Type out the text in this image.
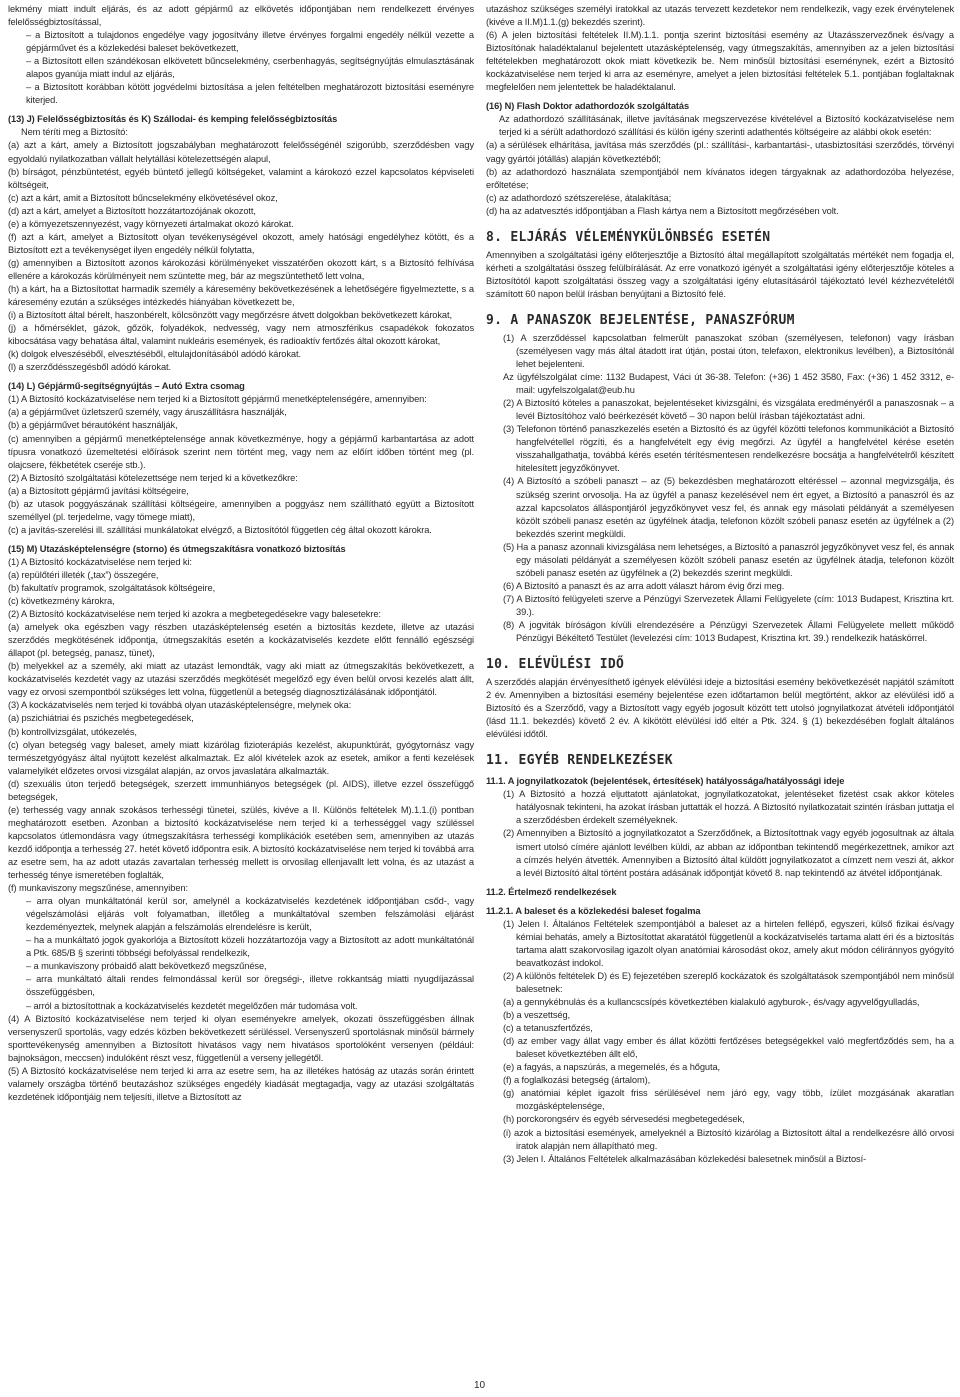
lekmény miatt indult eljárás, és az adott gépjármű az elkövetés időpontjában nem rendelkezett érvényes felelősségbiztosítással,
– a Biztosított a tulajdonos engedélye vagy jogosítvány illetve érvényes forgalmi engedély nélkül vezette a gépjárművet és a közlekedési baleset bekövetkezett,
– a Biztosított ellen szándékosan elkövetett bűncselekmény, cserbenhagyás, segítségnyújtás elmulasztásának alapos gyanúja miatt indul az eljárás,
– a Biztosított korábban kötött jogvédelmi biztosítása a jelen feltételben meghatározott biztosítási eseményre kiterjed.
(13) J) Felelősségbiztosítás és K) Szállodai- és kemping felelősségbiztosítás
Nem téríti meg a Biztosító:
(a) azt a kárt, amely a Biztosított jogszabályban meghatározott felelősségénél szigorúbb, szerződésben vagy egyoldalú nyilatkozatban vállalt helytállási kötelezettségén alapul,
(b) bírságot, pénzbüntetést, egyéb büntető jellegű költségeket, valamint a károkozó ezzel kapcsolatos képviseleti költségeit,
(c) azt a kárt, amit a Biztosított bűncselekmény elkövetésével okoz,
(d) azt a kárt, amelyet a Biztosított hozzátartozójának okozott,
(e) a környezetszennyezést, vagy környezeti ártalmakat okozó károkat.
(f) azt a kárt, amelyet a Biztosított olyan tevékenységével okozott, amely hatósági engedélyhez kötött, és a Biztosított ezt a tevékenységet ilyen engedély nélkül folytatta,
(g) amennyiben a Biztosított azonos károkozási körülményeket visszatérően okozott kárt, s a Biztosító felhívása ellenére a károkozás körülményeit nem szüntette meg, bár az megszüntethető lett volna,
(h) a kárt, ha a Biztosítottat harmadik személy a káresemény bekövetkezésének a lehetőségére figyelmeztette, s a káresemény ezután a szükséges intézkedés hiányában következett be,
(i) a Biztosított által bérelt, haszonbérelt, kölcsönzött vagy megőrzésre átvett dolgokban bekövetkezett károkat,
(j) a hőmérséklet, gázok, gőzök, folyadékok, nedvesség, vagy nem atmoszférikus csapadékok fokozatos kibocsátása vagy behatása által, valamint nukleáris események, és radioaktív fertőzés által okozott károkat,
(k) dolgok elveszéséből, elvesztéséből, eltulajdonításából adódó károkat.
(l) a szerződésszegésből adódó károkat.
(14) L) Gépjármű-segítségnyújtás – Autó Extra csomag
(1) A Biztosító kockázatviselése nem terjed ki a Biztosított gépjármű menetképtelenségére, amennyiben:
(a) a gépjárművet üzletszerű személy, vagy áruszállításra használják,
(b) a gépjárművet bérautóként használják,
(c) amennyiben a gépjármű menetképtelensége annak következménye, hogy a gépjármű karbantartása az adott típusra vonatkozó üzemeltetési előírások szerint nem történt meg, vagy nem az előírt időben történt meg (pl. olajcsere, fékbetétek cseréje stb.).
(2) A Biztosító szolgáltatási kötelezettsége nem terjed ki a következőkre:
(a) a Biztosított gépjármű javítási költségeire,
(b) az utasok poggyászának szállítási költségeire, amennyiben a poggyász nem szállítható együtt a Biztosított személlyel (pl. terjedelme, vagy tömege miatt),
(c) a javítás-szerelési ill. szállítási munkálatokat elvégző, a Biztosítótól független cég által okozott károkra.
(15) M) Utazásképtelenségre (storno) és útmegszakításra vonatkozó biztosítás
(1) A Biztosító kockázatviselése nem terjed ki:
(a) repülőtéri illeték („tax”) összegére,
(b) fakultatív programok, szolgáltatások költségeire,
(c) következmény károkra,
(2) A Biztosító kockázatviselése nem terjed ki azokra a megbetegedésekre vagy balesetekre:
(a) amelyek oka egészben vagy részben utazásképtelenség esetén a biztosítás kezdete, illetve az utazási szerződés megkötésének időpontja, útmegszakítás esetén a kockázatviselés kezdete előtt fennálló egészségi állapot (pl. betegség, panasz, tünet),
(b) melyekkel az a személy, aki miatt az utazást lemondták, vagy aki miatt az útmegszakítás bekövetkezett, a kockázatviselés kezdetét vagy az utazási szerződés megkötését megelőző egy éven belül orvosi kezelés alatt állt, vagy ez orvosi szempontból szükséges lett volna, függetlenül a betegség diagnosztizálásának időpontjától.
(3) A kockázatviselés nem terjed ki továbbá olyan utazásképtelenségre, melynek oka:
(a) pszichiátriai és pszichés megbetegedések,
(b) kontrollvizsgálat, utókezelés,
(c) olyan betegség vagy baleset, amely miatt kizárólag fizioterápiás kezelést, akupunktúrát, gyógytornász vagy természetgyógyász által nyújtott kezelést alkalmaztak. Ez alól kivételek azok az esetek, amikor a fenti kezelések valamelyikét előzetes orvosi vizsgálat alapján, az orvos javaslatára alkalmazták.
(d) szexuális úton terjedő betegségek, szerzett immunhiányos betegségek (pl. AIDS), illetve ezzel összefüggő betegségek,
(e) terhesség vagy annak szokásos terhességi tünetei, szülés, kivéve a II. Különös feltételek M).1.1.(i) pontban meghatározott esetben. Azonban a biztosító kockázatviselése nem terjed ki a terhességgel vagy szüléssel kapcsolatos útlemondásra vagy útmegszakításra terhességi komplikációk esetében sem, amennyiben az utazás kezdő időpontja a terhesség 27. hetét követő időpontra esik. A biztosító kockázatviselése nem terjed ki továbbá arra az esetre sem, ha az adott utazás zavartalan terhesség mellett is orvosilag ellenjavallt lett volna, és az utazást a terhesség ténye ismeretében foglalták,
(f) munkaviszony megszűnése, amennyiben:
– arra olyan munkáltatónál kerül sor, amelynél a kockázatviselés kezdetének időpontjában csőd-, vagy végelszámolási eljárás volt folyamatban, illetőleg a munkáltatóval szemben felszámolási eljárást kezdeményeztek, melynek alapján a felszámolás elrendelésre is került,
– ha a munkáltató jogok gyakorlója a Biztosított közeli hozzátartozója vagy a Biztosított az adott munkáltatónál a Ptk. 685/B § szerinti többségi befolyással rendelkezik,
– a munkaviszony próbaidő alatt bekövetkező megszűnése,
– arra munkáltató általi rendes felmondással kerül sor öregségi-, illetve rokkantság miatti nyugdíjazással összefüggésben,
– arról a biztosítottnak a kockázatviselés kezdetét megelőzően már tudomása volt.
(4) A Biztosító kockázatviselése nem terjed ki olyan eseményekre amelyek, okozati összefüggésben állnak versenyszerű sportolás, vagy edzés közben bekövetkezett sérüléssel. Versenyszerű sportolásnak minősül bármely sporttevékenység amennyiben a Biztosított hivatásos vagy nem hivatásos sportolóként versenyen (például: bajnokságon, meccsen) indulóként részt vesz, függetlenül a verseny jellegétől.
(5) A Biztosító kockázatviselése nem terjed ki arra az esetre sem, ha az illetékes hatóság az utazás során érintett valamely országba történő beutazáshoz szükséges engedély kiadását megtagadja, vagy az utazási szolgáltatás kezdetének időpontjáig nem teljesíti, illetve a Biztosított az
utazáshoz szükséges személyi iratokkal az utazás tervezett kezdetekor nem rendelkezik, vagy ezek érvénytelenek (kivéve a II.M)1.1.(g) bekezdés szerint).
(6) A jelen biztosítási feltételek II.M).1.1. pontja szerint biztosítási esemény az Utazásszervezőnek és/vagy a Biztosítónak haladéktalanul bejelentett utazásképtelenség, vagy útmegszakítás, amennyiben az a jelen biztosítási feltételekben meghatározott okok miatt következik be. Nem minősül biztosítási eseménynek, ezért a Biztosító kockázatviselése nem terjed ki arra az eseményre, amelyet a jelen biztosítási feltételek 5.1. pontjában foglaltaknak megfelelően nem jelentettek be haladéktalanul.
(16) N) Flash Doktor adathordozók szolgáltatás
Az adathordozó szállításának, illetve javításának megszervezése kivételével a Biztosító kockázatviselése nem terjed ki a sérült adathordozó szállítási és külön igény szerinti adathentés költségeire az alábbi okok esetén:
(a) a sérülések elhárítása, javítása más szerződés (pl.: szállítási-, karbantartási-, utasbiztosítási szerződés, törvényi vagy gyártói jótállás) alapján következtéből;
(b) az adathordozó használata szempontjából nem kívánatos idegen tárgyaknak az adathordozóba helyezése, erőltetése;
(c) az adathordozó szétszerelése, átalakítása;
(d) ha az adatvesztés időpontjában a Flash kártya nem a Biztosított megőrzésében volt.
8. ELJÁRÁS VÉLEMÉNYKÜLÖNBSÉG ESETÉN
Amennyiben a szolgáltatási igény előterjesztője a Biztosító által megállapított szolgáltatás mértékét nem fogadja el, kérheti a szolgáltatási összeg felülbírálását. Az erre vonatkozó igényét a szolgáltatási igény előterjesztője köteles a Biztosítótól kapott szolgáltatási összeg vagy a szolgáltatási igény elutasításáról tájékoztató levél kézhezvételétől számított 60 napon belül írásban benyújtani a Biztosító felé.
9. A PANASZOK BEJELENTÉSE, PANASZFÓRUM
(1) A szerződéssel kapcsolatban felmerült panaszokat szóban (személyesen, telefonon) vagy írásban (személyesen vagy más által átadott irat útján, postai úton, telefaxon, elektronikus levélben), a Biztosítónál lehet bejelenteni.
Az ügyfélszolgálat címe: 1132 Budapest, Váci út 36-38. Telefon: (+36) 1 452 3580, Fax: (+36) 1 452 3312, e-mail: ugyfelszolgalat@eub.hu
(2) A Biztosító köteles a panaszokat, bejelentéseket kivizsgálni, és vizsgálata eredményéről a panaszosnak – a levél Biztosítóhoz való beérkezését követő – 30 napon belül írásban tájékoztatást adni.
(3) Telefonon történő panaszkezelés esetén a Biztosító és az ügyfél közötti telefonos kommunikációt a Biztosító hangfelvétellel rögzíti, és a hangfelvételt egy évig megőrzi. Az ügyfél a hangfelvétel kérése esetén visszahallgathatja, továbbá kérés esetén térítésmentesen rendelkezésre bocsátja a hangfelvételről készített hitelesített jegyzőkönyvet.
(4) A Biztosító a szóbeli panaszt – az (5) bekezdésben meghatározott eltéréssel – azonnal megvizsgálja, és szükség szerint orvosolja. Ha az ügyfél a panasz kezelésével nem ért egyet, a Biztosító a panaszról és az azzal kapcsolatos álláspontjáról jegyzőkönyvet vesz fel, és annak egy másolati példányát a személyesen közölt szóbeli panasz esetén az ügyfélnek átadja, telefonon közölt szóbeli panasz esetén az ügyfélnek a (2) bekezdés szerint megküldi.
(5) Ha a panasz azonnali kivizsgálása nem lehetséges, a Biztosító a panaszról jegyzőkönyvet vesz fel, és annak egy másolati példányát a személyesen közölt szóbeli panasz esetén az ügyfélnek átadja, telefonon közölt szóbeli panasz esetén az ügyfélnek a (2) bekezdés szerint megküldi.
(6) A Biztosító a panaszt és az arra adott választ három évig őrzi meg.
(7) A Biztosító felügyeleti szerve a Pénzügyi Szervezetek Állami Felügyelete (cím: 1013 Budapest, Krisztina krt. 39.).
(8) A jogviták bíróságon kívüli elrendezésére a Pénzügyi Szervezetek Állami Felügyelete mellett működő Pénzügyi Békéltető Testület (levelezési cím: 1013 Budapest, Krisztina krt. 39.) rendelkezik hatáskörrel.
10. ELÉVÜLÉSI IDŐ
A szerződés alapján érvényesíthető igények elévülési ideje a biztosítási esemény bekövetkezését napjától számított 2 év. Amennyiben a biztosítási esemény bejelentése ezen időtartamon belül megtörtént, akkor az elévülési idő a Biztosító és a Szerződő, vagy a Biztosított vagy egyéb jogosult között tett utolsó jognyilatkozat átvételi időpontjától (lásd 11.1. bekezdés) követő 2 év. A kikötött elévülési idő eltér a Ptk. 324. § (1) bekezdésében foglalt általános elévülési időtől.
11. EGYÉB RENDELKEZÉSEK
11.1. A jognyilatkozatok (bejelentések, értesítések) hatályossága/hatályossági ideje
(1) A Biztosító a hozzá eljuttatott ajánlatokat, jognyilatkozatokat, jelentéseket fizetést csak akkor köteles hatályosnak tekinteni, ha azokat írásban juttatták el hozzá. A Biztosító nyilatkozatait szintén írásban juttatja el a szerződésben érdekelt személyeknek.
(2) Amennyiben a Biztosító a jognyilatkozatot a Szerződőnek, a Biztosítottnak vagy egyéb jogosultnak az általa ismert utolsó címére ajánlott levélben küldi, az abban az időpontban tekintendő megérkezettnek, amikor azt a címzés helyén átvették. Amennyiben a Biztosító által küldött jognyilatkozatot a címzett nem veszi át, akkor a levél Biztosító által történt postára adásának időpontját követő 8. nap tekintendő az átvétel időpontjának.
11.2. Értelmező rendelkezések
11.2.1. A baleset és a közlekedési baleset fogalma
(1) Jelen I. Általános Feltételek szempontjából a baleset az a hirtelen fellépő, egyszeri, külső fizikai és/vagy kémiai behatás, amely a Biztosítottat akaratától függetlenül a kockázatviselés tartama alatt éri és a biztosítás tartama alatt szakorvosilag igazolt olyan anatómiai károsodást okoz, amely akut módon céliránnyos gyógyító beavatkozást indokol.
(2) A különös feltételek D) és E) fejezetében szereplő kockázatok és szolgáltatások szempontjából nem minősül balesetnek:
(a) a gennykébnulás és a kullancscsípés következtében kialakuló agyburok-, és/vagy agyvelőgyulladás,
(b) a veszettség,
(c) a tetanuszfertőzés,
(d) az ember vagy állat vagy ember és állat közötti fertőzéses betegségekkel való megfertőződés sem, ha a baleset következtében állt elő,
(e) a fagyás, a napszúrás, a megemelés, és a hőguta,
(f) a foglalkozási betegség (ártalom),
(g) anatómiai képlet igazolt friss sérülésével nem járó egy, vagy több, ízület mozgásának akaratlan mozgásképtelensége,
(h) porckorongsérv és egyéb sérvesedési megbetegedések,
(i) azok a biztosítási események, amelyeknél a Biztosító kizárólag a Biztosított által a rendelkezésre álló orvosi iratok alapján nem állapítható meg.
(3) Jelen I. Általános Feltételek alkalmazásában közlekedési balesetnek minősül a Biztosí-
10
